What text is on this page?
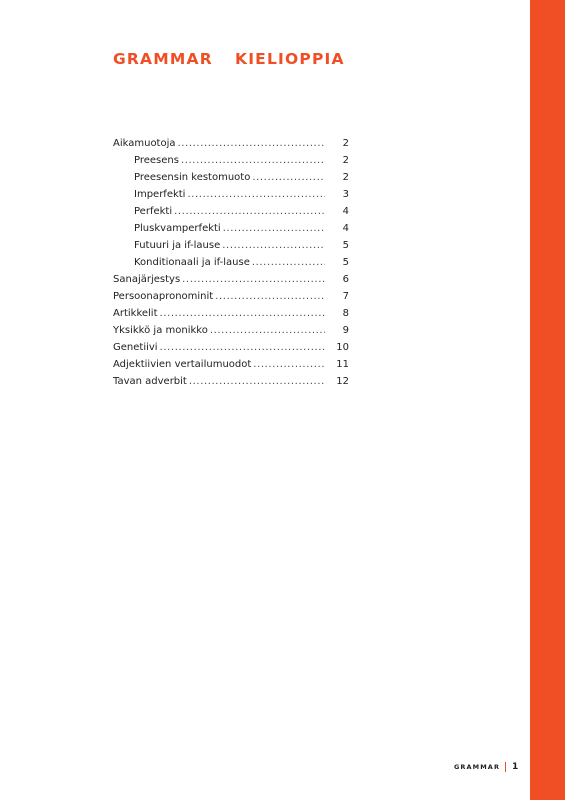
GRAMMAR KIELIOPPIA
Aikamuotoja .....	2
Preesens .....	2
Preesensin kestomuoto .....	2
Imperfekti .....	3
Perfekti .....	4
Pluskvamperfekti .....	4
Futuuri ja if-lause .....	5
Konditionaali ja if-lause .....	5
Sanajärjestys .....	6
Persoonapronominit .....	7
Artikkelit .....	8
Yksikkö ja monikko .....	9
Genetiivi .....	10
Adjektiivien vertailumuodot .....	11
Tavan adverbit .....	12
GRAMMAR 1
